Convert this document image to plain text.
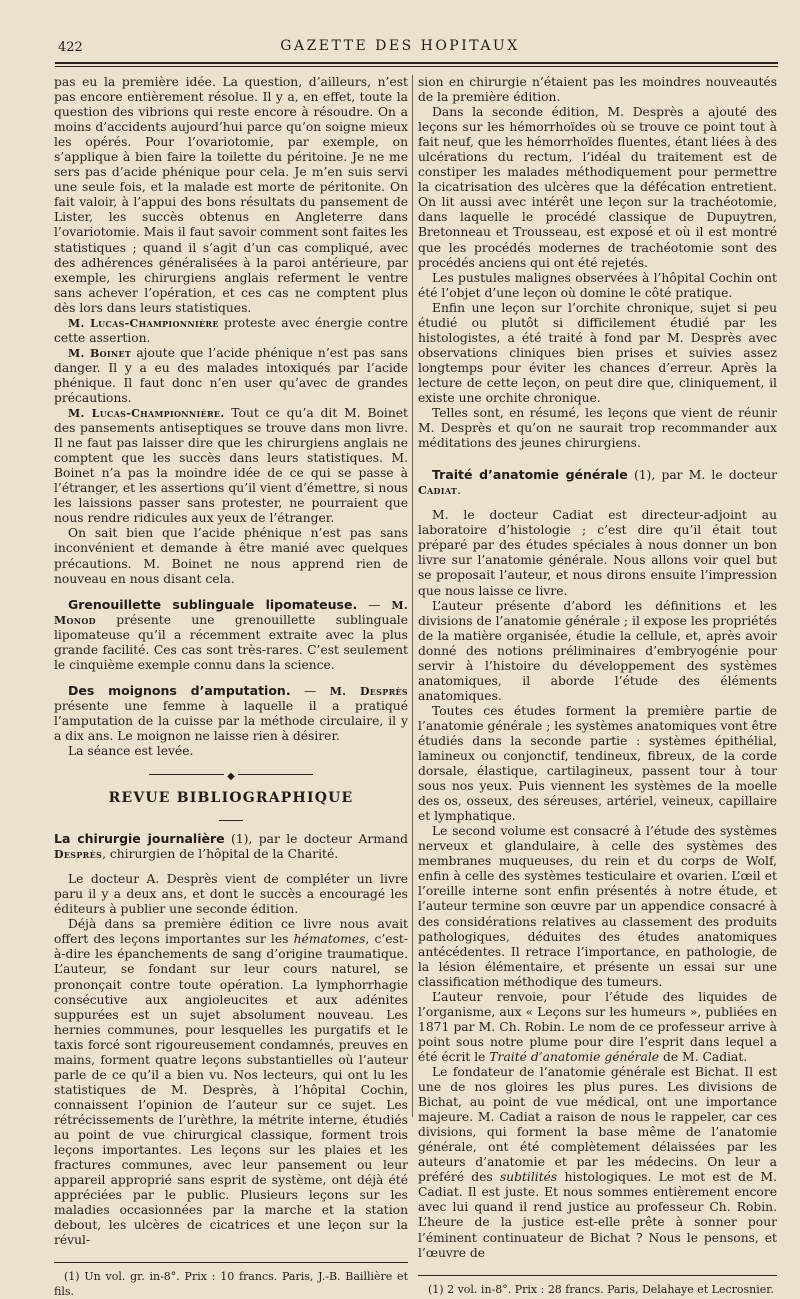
422	GAZETTE DES HOPITAUX

pas eu la première idée. La question, d’ailleurs, n’est pas encore entièrement résolue. Il y a, en effet, toute la question des vibrions qui reste encore à résoudre. On a moins d’accidents aujourd’hui parce qu’on soigne mieux les opérés. Pour l’ovariotomie, par exemple, on s’applique à bien faire la toilette du péritoine. Je ne me sers pas d’acide phénique pour cela. Je m’en suis servi une seule fois, et la malade est morte de péritonite. On fait valoir, à l’appui des bons résultats du pansement de Lister, les succès obtenus en Angleterre dans l’ovariotomie. Mais il faut savoir comment sont faites les statistiques ; quand il s’agit d’un cas compliqué, avec des adhérences généralisées à la paroi antérieure, par exemple, les chirurgiens anglais referment le ventre sans achever l’opération, et ces cas ne comptent plus dès lors dans leurs statistiques.

M. Lucas-Championnière proteste avec énergie contre cette assertion.

M. Boinet ajoute que l’acide phénique n’est pas sans danger. Il y a eu des malades intoxiqués par l’acide phénique. Il faut donc n’en user qu’avec de grandes précautions.

M. Lucas-Championnière. Tout ce qu’a dit M. Boinet des pansements antiseptiques se trouve dans mon livre. Il ne faut pas laisser dire que les chirurgiens anglais ne comptent que les succès dans leurs statistiques. M. Boinet n’a pas la moindre idée de ce qui se passe à l’étranger, et les assertions qu’il vient d’émettre, si nous les laissions passer sans protester, ne pourraient que nous rendre ridicules aux yeux de l’étranger.

On sait bien que l’acide phénique n’est pas sans inconvénient et demande à être manié avec quelques précautions. M. Boinet ne nous apprend rien de nouveau en nous disant cela.

Grenouillette sublinguale lipomateuse. — M. Monod présente une grenouillette sublinguale lipomateuse qu’il a récemment extraite avec la plus grande facilité. Ces cas sont très-rares. C’est seulement le cinquième exemple connu dans la science.

Des moignons d’amputation. — M. Desprès présente une femme à laquelle il a pratiqué l’amputation de la cuisse par la méthode circulaire, il y a dix ans. Le moignon ne laisse rien à désirer.

La séance est levée.

◆

REVUE BIBLIOGRAPHIQUE

La chirurgie journalière (1), par le docteur Armand Desprès, chirurgien de l’hôpital de la Charité.

Le docteur A. Desprès vient de compléter un livre paru il y a deux ans, et dont le succès a encouragé les éditeurs à publier une seconde édition.

Déjà dans sa première édition ce livre nous avait offert des leçons importantes sur les hématomes, c’est-à-dire les épanchements de sang d’origine traumatique. L’auteur, se fondant sur leur cours naturel, se prononçait contre toute opération. La lymphorrhagie consécutive aux angioleucites et aux adénites suppurées est un sujet absolument nouveau. Les hernies communes, pour lesquelles les purgatifs et le taxis forcé sont rigoureusement condamnés, preuves en mains, forment quatre leçons substantielles où l’auteur parle de ce qu’il a bien vu. Nos lecteurs, qui ont lu les statistiques de M. Desprès, à l’hôpital Cochin, connaissent l’opinion de l’auteur sur ce sujet. Les rétrécissements de l’urèthre, la métrite interne, étudiés au point de vue chirurgical classique, forment trois leçons importantes. Les leçons sur les plaies et les fractures communes, avec leur pansement ou leur appareil approprié sans esprit de système, ont déjà été appréciées par le public. Plusieurs leçons sur les maladies occasionnées par la marche et la station debout, les ulcères de cicatrices et une leçon sur la révul-

(1) Un vol. gr. in-8°. Prix : 10 francs. Paris, J.-B. Baillière et fils.

sion en chirurgie n’étaient pas les moindres nouveautés de la première édition.

Dans la seconde édition, M. Desprès a ajouté des leçons sur les hémorrhoïdes où se trouve ce point tout à fait neuf, que les hémorrhoïdes fluentes, étant liées à des ulcérations du rectum, l’idéal du traitement est de constiper les malades méthodiquement pour permettre la cicatrisation des ulcères que la défécation entretient. On lit aussi avec intérêt une leçon sur la trachéotomie, dans laquelle le procédé classique de Dupuytren, Bretonneau et Trousseau, est exposé et où il est montré que les procédés modernes de trachéotomie sont des procédés anciens qui ont été rejetés.

Les pustules malignes observées à l’hôpital Cochin ont été l’objet d’une leçon où domine le côté pratique.

Enfin une leçon sur l’orchite chronique, sujet si peu étudié ou plutôt si difficilement étudié par les histologistes, a été traité à fond par M. Desprès avec observations cliniques bien prises et suivies assez longtemps pour éviter les chances d’erreur. Après la lecture de cette leçon, on peut dire que, cliniquement, il existe une orchite chronique.

Telles sont, en résumé, les leçons que vient de réunir M. Desprès et qu’on ne saurait trop recommander aux méditations des jeunes chirurgiens.

Traité d’anatomie générale (1), par M. le docteur Cadiat.

M. le docteur Cadiat est directeur-adjoint au laboratoire d’histologie ; c’est dire qu’il était tout préparé par des études spéciales à nous donner un bon livre sur l’anatomie générale. Nous allons voir quel but se proposait l’auteur, et nous dirons ensuite l’impression que nous laisse ce livre.

L’auteur présente d’abord les définitions et les divisions de l’anatomie générale ; il expose les propriétés de la matière organisée, étudie la cellule, et, après avoir donné des notions préliminaires d’embryogénie pour servir à l’histoire du développement des systèmes anatomiques, il aborde l’étude des éléments anatomiques.

Toutes ces études forment la première partie de l’anatomie générale ; les systèmes anatomiques vont être étudiés dans la seconde partie : systèmes épithélial, lamineux ou conjonctif, tendineux, fibreux, de la corde dorsale, élastique, cartilagineux, passent tour à tour sous nos yeux. Puis viennent les systèmes de la moelle des os, osseux, des séreuses, artériel, veineux, capillaire et lymphatique.

Le second volume est consacré à l’étude des systèmes nerveux et glandulaire, à celle des systèmes des membranes muqueuses, du rein et du corps de Wolf, enfin à celle des systèmes testiculaire et ovarien. L’œil et l’oreille interne sont enfin présentés à notre étude, et l’auteur termine son œuvre par un appendice consacré à des considérations relatives au classement des produits pathologiques, déduites des études anatomiques antécédentes. Il retrace l’importance, en pathologie, de la lésion élémentaire, et présente un essai sur une classification méthodique des tumeurs.

L’auteur renvoie, pour l’étude des liquides de l’organisme, aux « Leçons sur les humeurs », publiées en 1871 par M. Ch. Robin. Le nom de ce professeur arrive à point sous notre plume pour dire l’esprit dans lequel a été écrit le Traité d’anatomie générale de M. Cadiat.

Le fondateur de l’anatomie générale est Bichat. Il est une de nos gloires les plus pures. Les divisions de Bichat, au point de vue médical, ont une importance majeure. M. Cadiat a raison de nous le rappeler, car ces divisions, qui forment la base même de l’anatomie générale, ont été complètement délaissées par les auteurs d’anatomie et par les médecins. On leur a préféré des subtilités histologiques. Le mot est de M. Cadiat. Il est juste. Et nous sommes entièrement encore avec lui quand il rend justice au professeur Ch. Robin. L’heure de la justice est-elle prête à sonner pour l’éminent continuateur de Bichat ? Nous le pensons, et l’œuvre de

(1) 2 vol. in-8°. Prix : 28 francs. Paris, Delahaye et Lecrosnier.
